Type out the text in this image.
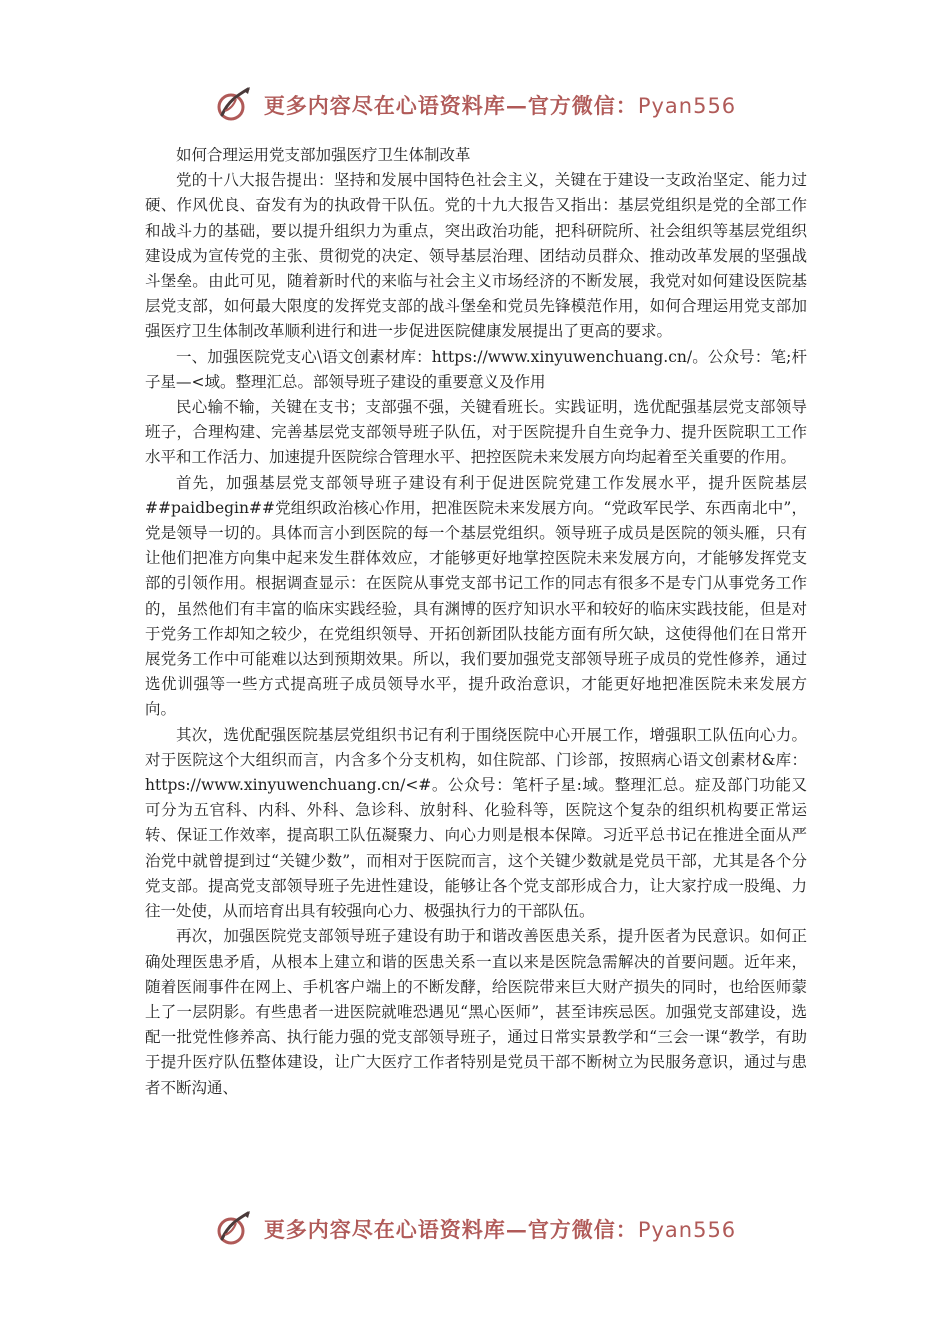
更多内容尽在心语资料库—官方微信：Pyan556

如何合理运用党支部加强医疗卫生体制改革

党的十八大报告提出：坚持和发展中国特色社会主义，关键在于建设一支政治坚定、能力过硬、作风优良、奋发有为的执政骨干队伍。党的十九大报告又指出：基层党组织是党的全部工作和战斗力的基础，要以提升组织力为重点，突出政治功能，把科研院所、社会组织等基层党组织建设成为宣传党的主张、贯彻党的决定、领导基层治理、团结动员群众、推动改革发展的坚强战斗堡垒。由此可见，随着新时代的来临与社会主义市场经济的不断发展，我党对如何建设医院基层党支部，如何最大限度的发挥党支部的战斗堡垒和党员先锋模范作用，如何合理运用党支部加强医疗卫生体制改革顺利进行和进一步促进医院健康发展提出了更高的要求。

一、加强医院党支心\语文创素材库：https://www.xinyuwenchuang.cn/。公众号：笔;杆子星—<域。整理汇总。部领导班子建设的重要意义及作用

民心输不输，关键在支书；支部强不强，关键看班长。实践证明，选优配强基层党支部领导班子，合理构建、完善基层党支部领导班子队伍，对于医院提升自生竞争力、提升医院职工工作水平和工作活力、加速提升医院综合管理水平、把控医院未来发展方向均起着至关重要的作用。

首先，加强基层党支部领导班子建设有利于促进医院党建工作发展水平，提升医院基层##paidbegin##党组织政治核心作用，把准医院未来发展方向。“党政军民学、东西南北中”，党是领导一切的。具体而言小到医院的每一个基层党组织。领导班子成员是医院的领头雁，只有让他们把准方向集中起来发生群体效应，才能够更好地掌控医院未来发展方向，才能够发挥党支部的引领作用。根据调查显示：在医院从事党支部书记工作的同志有很多不是专门从事党务工作的，虽然他们有丰富的临床实践经验，具有渊博的医疗知识水平和较好的临床实践技能，但是对于党务工作却知之较少，在党组织领导、开拓创新团队技能方面有所欠缺，这使得他们在日常开展党务工作中可能难以达到预期效果。所以，我们要加强党支部领导班子成员的党性修养，通过选优训强等一些方式提高班子成员领导水平，提升政治意识，才能更好地把准医院未来发展方向。

其次，选优配强医院基层党组织书记有利于围绕医院中心开展工作，增强职工队伍向心力。对于医院这个大组织而言，内含多个分支机构，如住院部、门诊部，按照病心语文创素材&库：https://www.xinyuwenchuang.cn/<#。公众号：笔杆子星:域。整理汇总。症及部门功能又可分为五官科、内科、外科、急诊科、放射科、化验科等，医院这个复杂的组织机构要正常运转、保证工作效率，提高职工队伍凝聚力、向心力则是根本保障。习近平总书记在推进全面从严治党中就曾提到过“关键少数”，而相对于医院而言，这个关键少数就是党员干部，尤其是各个分党支部。提高党支部领导班子先进性建设，能够让各个党支部形成合力，让大家拧成一股绳、力往一处使，从而培育出具有较强向心力、极强执行力的干部队伍。

再次，加强医院党支部领导班子建设有助于和谐改善医患关系，提升医者为民意识。如何正确处理医患矛盾，从根本上建立和谐的医患关系一直以来是医院急需解决的首要问题。近年来，随着医闹事件在网上、手机客户端上的不断发酵，给医院带来巨大财产损失的同时，也给医师蒙上了一层阴影。有些患者一进医院就唯恐遇见“黑心医师”，甚至讳疾忌医。加强党支部建设，选配一批党性修养高、执行能力强的党支部领导班子，通过日常实景教学和“三会一课“教学，有助于提升医疗队伍整体建设，让广大医疗工作者特别是党员干部不断树立为民服务意识，通过与患者不断沟通、

更多内容尽在心语资料库—官方微信：Pyan556
